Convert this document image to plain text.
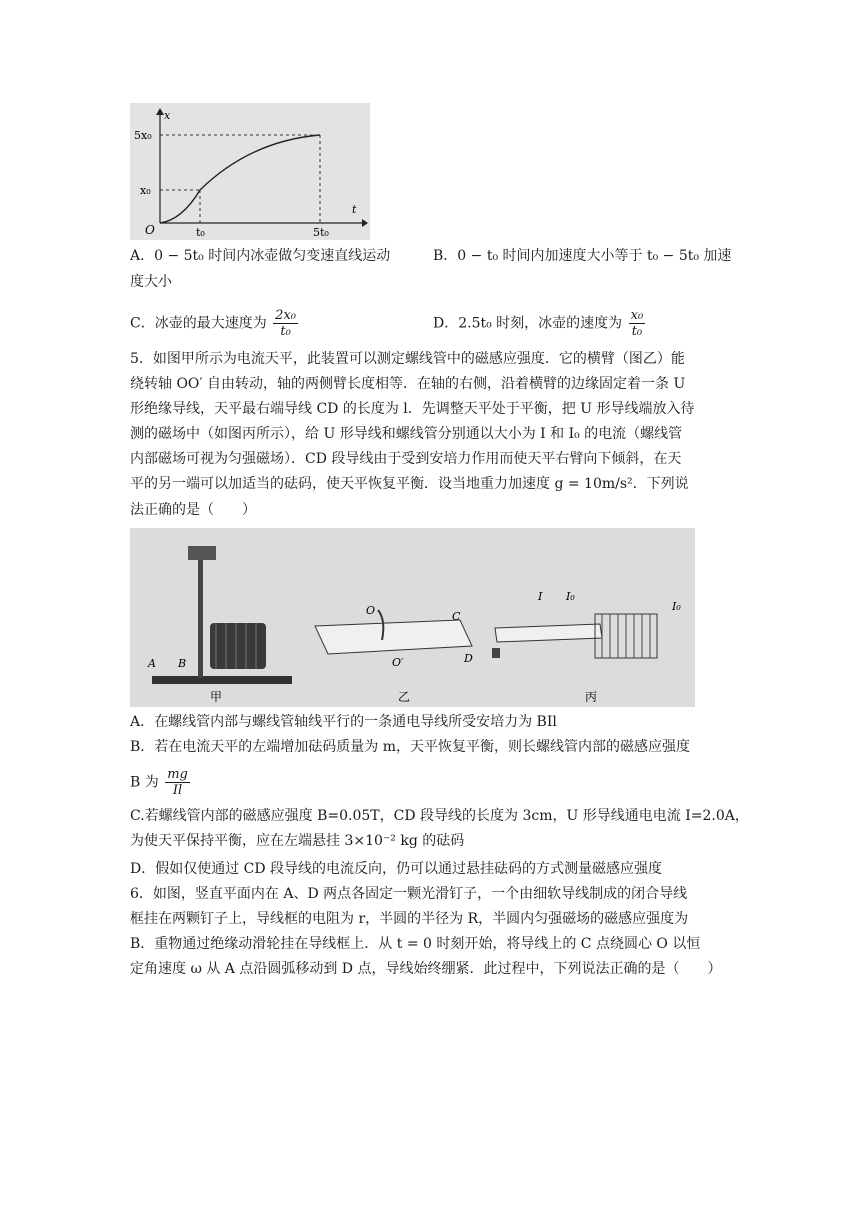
x
t
O
5x₀
x₀
t₀	5t₀
A．0 − 5t₀ 时间内冰壶做匀变速直线运动	B．0 − t₀ 时间内加速度大小等于 t₀ − 5t₀ 加速
度大小
C．冰壶的最大速度为 $\frac{\text{2x₀}}{\text{t₀}}$	D．2.5t₀ 时刻，冰壶的速度为 $\frac{\text{x₀}}{\text{t₀}}$
5．如图甲所示为电流天平，此装置可以测定螺线管中的磁感应强度．它的横臂（图乙）能
绕转轴 OO′ 自由转动，轴的两侧臂长度相等．在轴的右侧，沿着横臂的边缘固定着一条 U
形绝缘导线，天平最右端导线 CD 的长度为 l．先调整天平处于平衡，把 U 形导线端放入待
测的磁场中（如图丙所示），给 U 形导线和螺线管分别通以大小为 I 和 I₀ 的电流（螺线管
内部磁场可视为匀强磁场）．CD 段导线由于受到安培力作用而使天平右臂向下倾斜，在天
平的另一端可以加适当的砝码，使天平恢复平衡．设当地重力加速度 g = 10m/s²．下列说
法正确的是（　　）
A B
甲
O
O′
C
D
乙
I I₀
I₀
丙
A．在螺线管内部与螺线管轴线平行的一条通电导线所受安培力为 BIl
B．若在电流天平的左端增加砝码质量为 m，天平恢复平衡，则长螺线管内部的磁感应强度
B 为 $\frac{mg}{Il}$
C.若螺线管内部的磁感应强度 B=0.05T，CD 段导线的长度为 3cm，U 形导线通电电流 I=2.0A，
为使天平保持平衡，应在左端悬挂 3×10⁻² kg 的砝码
D．假如仅使通过 CD 段导线的电流反向，仍可以通过悬挂砝码的方式测量磁感应强度
6．如图，竖直平面内在 A、D 两点各固定一颗光滑钉子，一个由细软导线制成的闭合导线
框挂在两颗钉子上，导线框的电阻为 r，半圆的半径为 R，半圆内匀强磁场的磁感应强度为
B．重物通过绝缘动滑轮挂在导线框上．从 t = 0 时刻开始，将导线上的 C 点绕圆心 O 以恒
定角速度 ω 从 A 点沿圆弧移动到 D 点，导线始终绷紧．此过程中，下列说法正确的是（　　）
